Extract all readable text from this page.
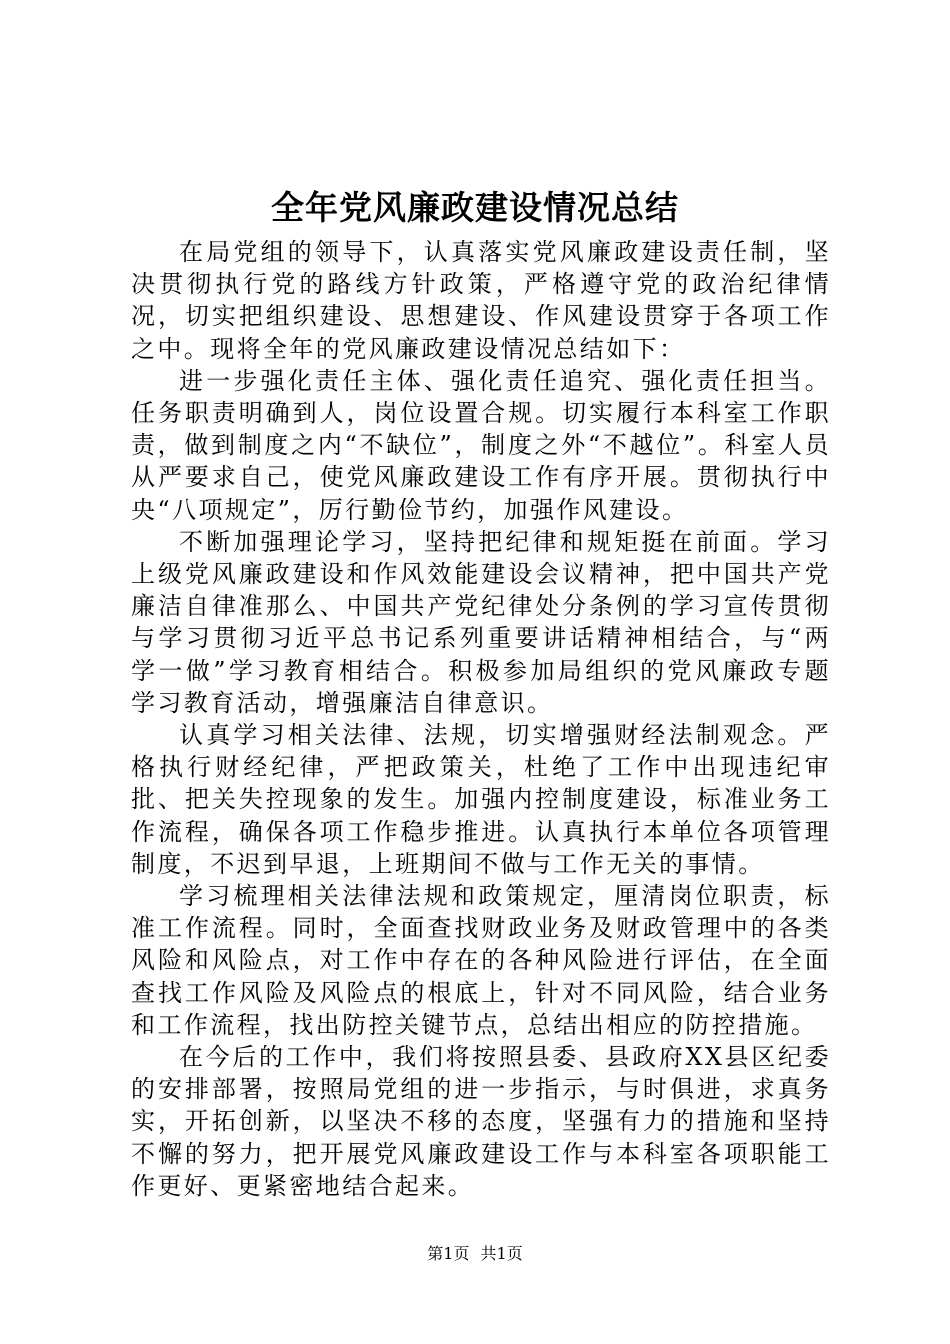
全年党风廉政建设情况总结

在局党组的领导下，认真落实党风廉政建设责任制，坚决贯彻执行党的路线方针政策，严格遵守党的政治纪律情况，切实把组织建设、思想建设、作风建设贯穿于各项工作之中。现将全年的党风廉政建设情况总结如下：

进一步强化责任主体、强化责任追究、强化责任担当。任务职责明确到人，岗位设置合规。切实履行本科室工作职责，做到制度之内“不缺位”，制度之外“不越位”。科室人员从严要求自己，使党风廉政建设工作有序开展。贯彻执行中央“八项规定”，厉行勤俭节约，加强作风建设。

不断加强理论学习，坚持把纪律和规矩挺在前面。学习上级党风廉政建设和作风效能建设会议精神，把中国共产党廉洁自律准那么、中国共产党纪律处分条例的学习宣传贯彻与学习贯彻习近平总书记系列重要讲话精神相结合，与“两学一做”学习教育相结合。积极参加局组织的党风廉政专题学习教育活动，增强廉洁自律意识。

认真学习相关法律、法规，切实增强财经法制观念。严格执行财经纪律，严把政策关，杜绝了工作中出现违纪审批、把关失控现象的发生。加强内控制度建设，标准业务工作流程，确保各项工作稳步推进。认真执行本单位各项管理制度，不迟到早退，上班期间不做与工作无关的事情。

学习梳理相关法律法规和政策规定，厘清岗位职责，标准工作流程。同时，全面查找财政业务及财政管理中的各类风险和风险点，对工作中存在的各种风险进行评估，在全面查找工作风险及风险点的根底上，针对不同风险，结合业务和工作流程，找出防控关键节点，总结出相应的防控措施。

在今后的工作中，我们将按照县委、县政府XX县区纪委的安排部署，按照局党组的进一步指示，与时俱进，求真务实，开拓创新，以坚决不移的态度，坚强有力的措施和坚持不懈的努力，把开展党风廉政建设工作与本科室各项职能工作更好、更紧密地结合起来。

第1页 共1页
